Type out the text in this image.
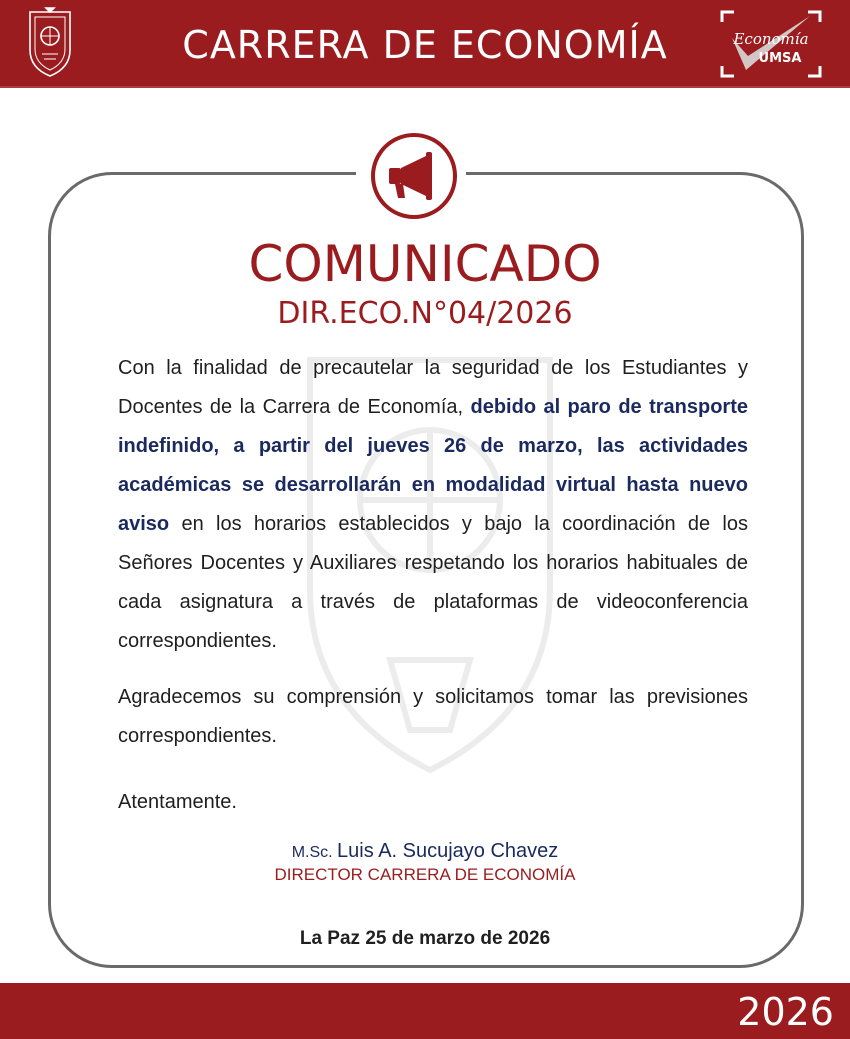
CARRERA DE ECONOMÍA	Economía
UMSA
COMUNICADO
DIR.ECO.N°04/2026

Con la finalidad de precautelar la seguridad de los Estudiantes y Docentes de la Carrera de Economía, debido al paro de transporte indefinido, a partir del jueves 26 de marzo, las actividades académicas se desarrollarán en modalidad virtual hasta nuevo aviso en los horarios establecidos y bajo la coordinación de los Señores Docentes y Auxiliares respetando los horarios habituales de cada asignatura a través de plataformas de videoconferencia correspondientes.

Agradecemos su comprensión y solicitamos tomar las previsiones correspondientes.

Atentamente.

M.Sc. Luis A. Sucujayo Chavez
DIRECTOR CARRERA DE ECONOMÍA
La Paz 25 de marzo de 2026
2026
